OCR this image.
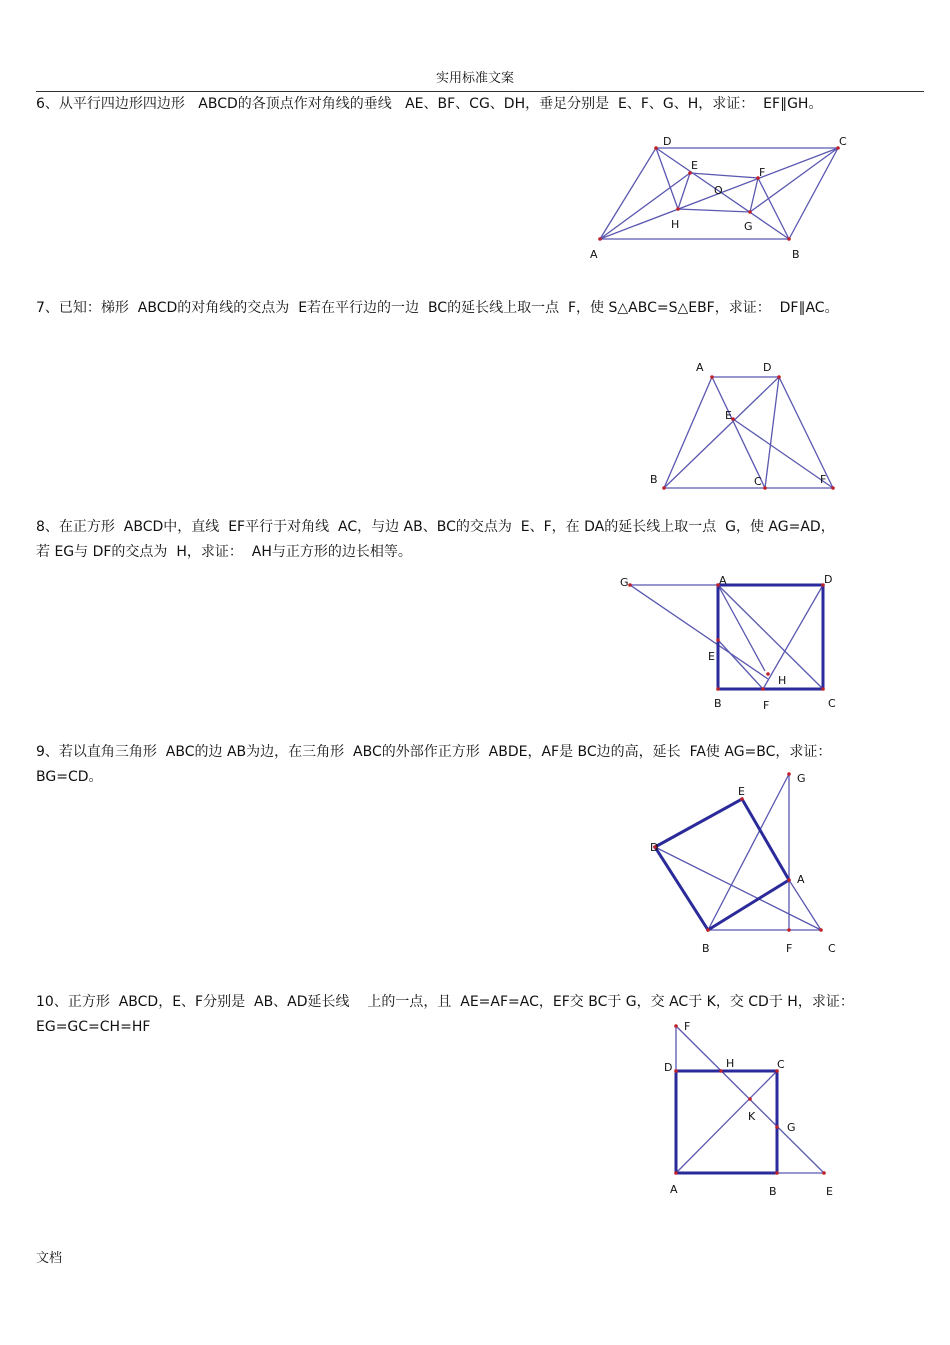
实用标准文案
6、从平行四边形四边形   ABCD的各顶点作对角线的垂线   AE、BF、CG、DH，垂足分别是  E、F、G、H，求证：  EF∥GH。
A	B
C
D
E
F
G
H
O
7、已知：梯形  ABCD的对角线的交点为  E若在平行边的一边  BC的延长线上取一点  F，使 S△ABC=S△EBF，求证：  DF∥AC。
A	D
E
B	C	F
8、在正方形  ABCD中，直线  EF平行于对角线  AC，与边 AB、BC的交点为  E、F，在 DA的延长线上取一点  G，使 AG=AD，
若 EG与 DF的交点为  H，求证：  AH与正方形的边长相等。
G	A	D
E
H
B	F	C
9、若以直角三角形  ABC的边 AB为边，在三角形  ABC的外部作正方形  ABDE，AF是 BC边的高，延长  FA使 AG=BC，求证：
BG=CD。	G
E
D
A
B	F	C
10、正方形  ABCD，E、F分别是  AB、AD延长线    上的一点，且  AE=AF=AC，EF交 BC于 G，交 AC于 K，交 CD于 H，求证：
EG=GC=CH=HF	F
H	C
D
K
G
A	B	E
文档
